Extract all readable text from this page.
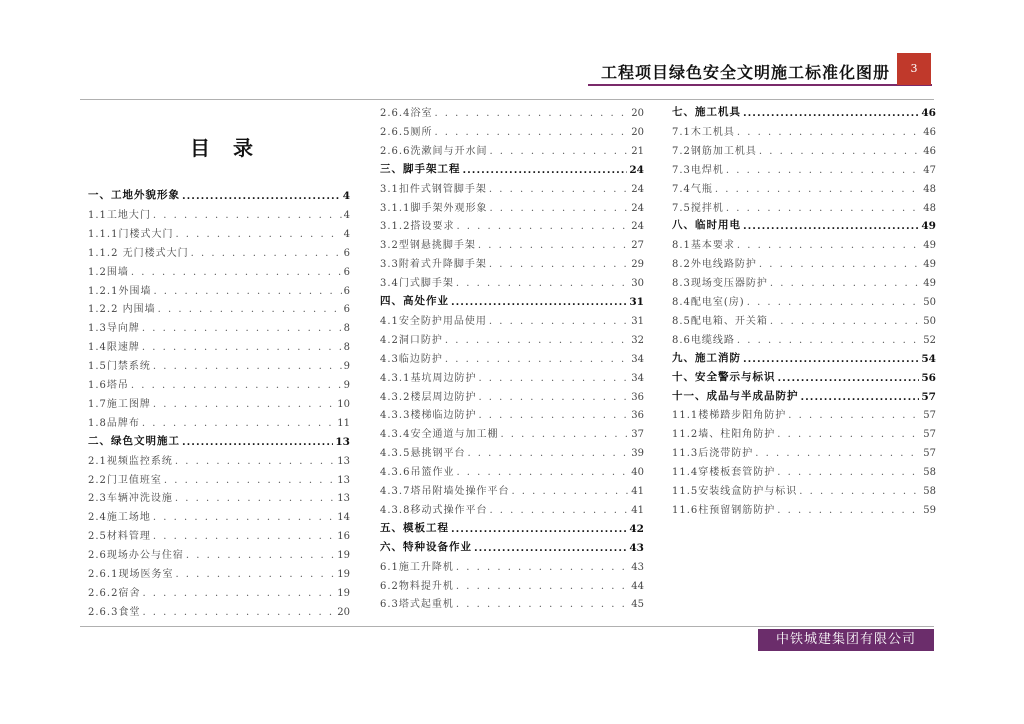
工程项目绿色安全文明施工标准化图册	3
目 录
一、工地外貌形象 .....	4
1.1工地大门 . . .	4
1.1.1门楼式大门 . . .	4
1.1.2 无门楼式大门 . . .	6
1.2围墙 . . .	6
1.2.1外围墙 . . .	6
1.2.2 内围墙 . . .	6
1.3导向牌 . . .	8
1.4限速牌 . . .	8
1.5门禁系统 . . .	9
1.6塔吊 . . .	9
1.7施工图牌 . . .	10
1.8品牌布 . . .	11
二、绿色文明施工 .....	13
2.1视频监控系统 . . .	13
2.2门卫值班室 . . .	13
2.3车辆冲洗设施 . . .	13
2.4施工场地 . . .	14
2.5材料管理 . . .	16
2.6现场办公与住宿 . . .	19
2.6.1现场医务室 . . .	19
2.6.2宿舍 . . .	19
2.6.3食堂 . . .	20
2.6.4浴室 . . .	20
2.6.5厕所 . . .	20
2.6.6洗漱间与开水间 . . .	21
三、脚手架工程 .....	24
3.1扣件式钢管脚手架 . . .	24
3.1.1脚手架外观形象 . . .	24
3.1.2搭设要求 . . .	24
3.2型钢悬挑脚手架 . . .	27
3.3附着式升降脚手架 . . .	29
3.4门式脚手架 . . .	30
四、高处作业 .....	31
4.1安全防护用品使用 . . .	31
4.2洞口防护 . . .	32
4.3临边防护 . . .	34
4.3.1基坑周边防护 . . .	34
4.3.2楼层周边防护 . . .	36
4.3.3楼梯临边防护 . . .	36
4.3.4安全通道与加工棚 . . .	37
4.3.5悬挑钢平台 . . .	39
4.3.6吊篮作业 . . .	40
4.3.7塔吊附墙处操作平台 . . .	41
4.3.8移动式操作平台 . . .	41
五、模板工程 .....	42
六、特种设备作业 .....	43
6.1施工升降机 . . .	43
6.2物料提升机 . . .	44
6.3塔式起重机 . . .	45
七、施工机具 .....	46
7.1木工机具 . . .	46
7.2钢筋加工机具 . . .	46
7.3电焊机 . . .	47
7.4气瓶 . . .	48
7.5搅拌机 . . .	48
八、临时用电 .....	49
8.1基本要求 . . .	49
8.2外电线路防护 . . .	49
8.3现场变压器防护 . . .	49
8.4配电室(房) . . .	50
8.5配电箱、开关箱 . . .	50
8.6电缆线路 . . .	52
九、施工消防 .....	54
十、安全警示与标识 .....	56
十一、成品与半成品防护 .....	57
11.1楼梯踏步阳角防护 . . .	57
11.2墙、柱阳角防护 . . .	57
11.3后浇带防护 . . .	57
11.4穿楼板套管防护 . . .	58
11.5安装线盒防护与标识 . . .	58
11.6柱预留钢筋防护 . . .	59
中铁城建集团有限公司
